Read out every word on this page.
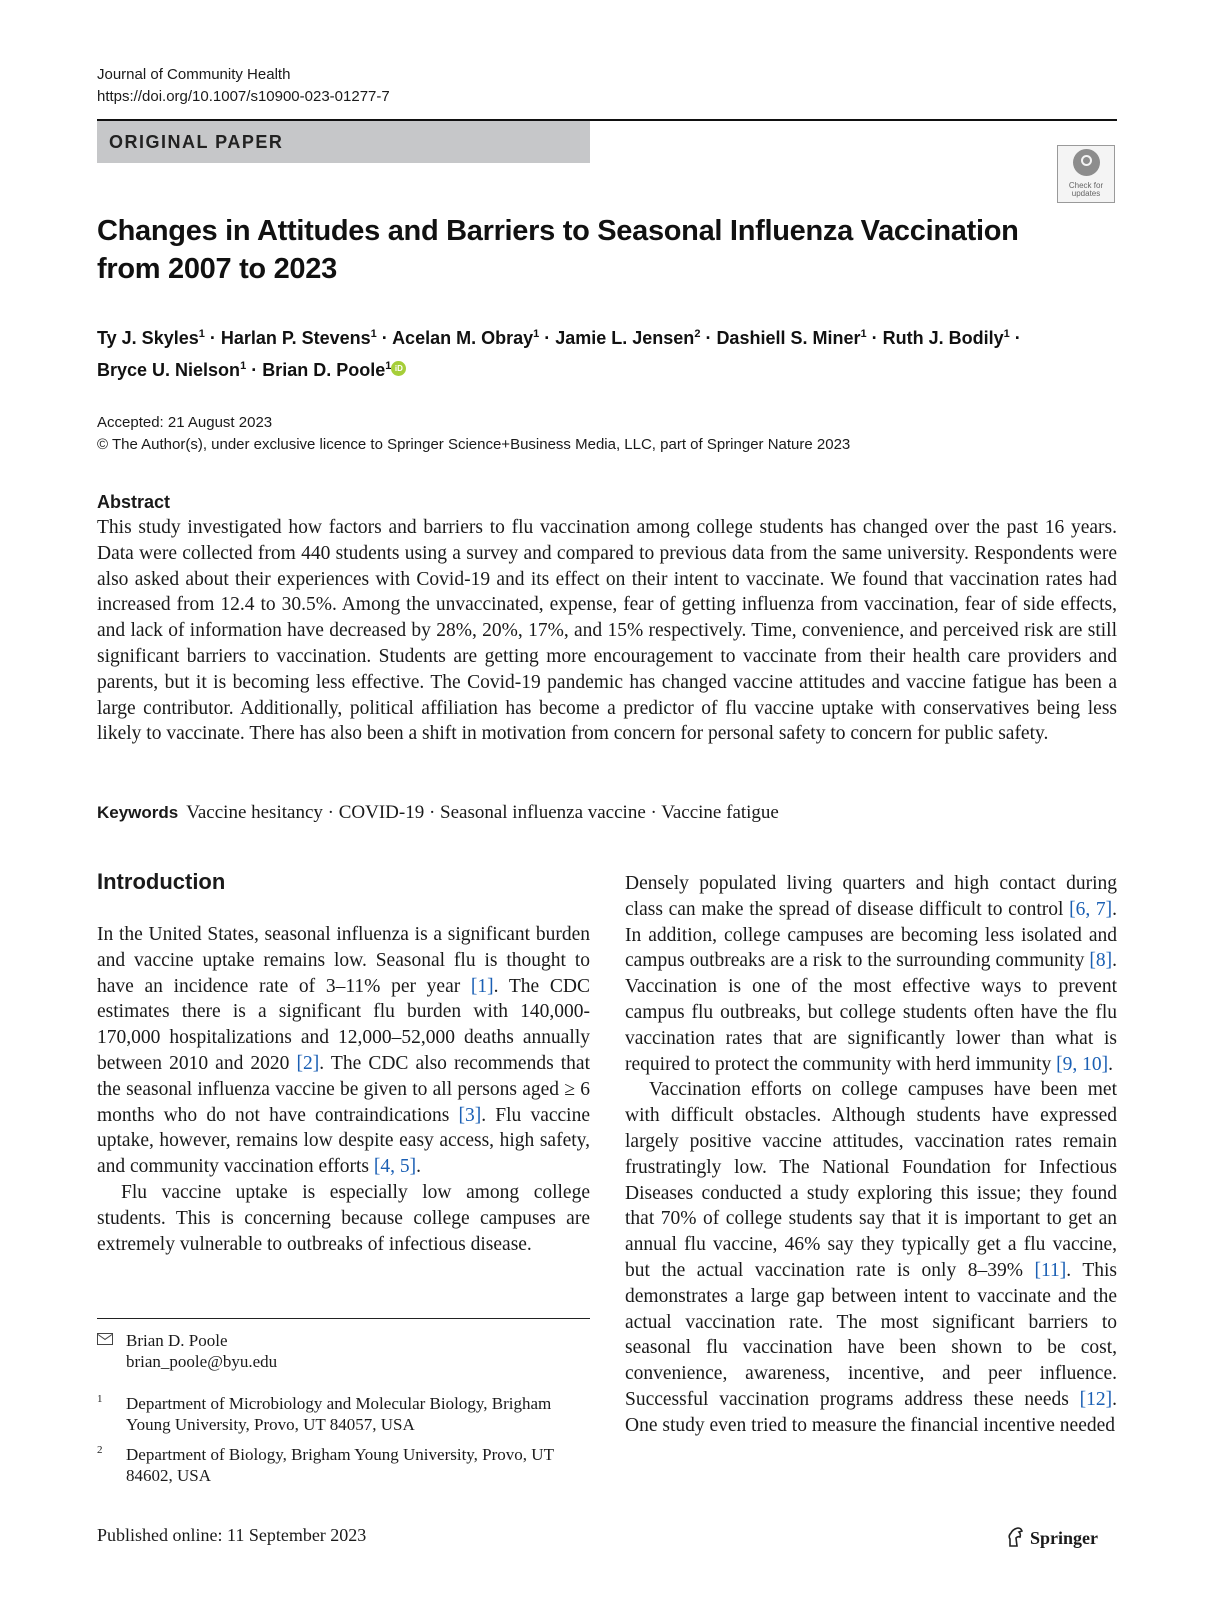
Journal of Community Health
https://doi.org/10.1007/s10900-023-01277-7
ORIGINAL PAPER
Check for
updates
Changes in Attitudes and Barriers to Seasonal Influenza Vaccination
from 2007 to 2023
Ty J. Skyles$^1$ · Harlan P. Stevens$^1$ · Acelan M. Obray$^1$ · Jamie L. Jensen$^2$ · Dashiell S. Miner$^1$ · Ruth J. Bodily$^1$ ·
Bryce U. Nielson$^1$ · Brian D. Poole$^1$ iD
Accepted: 21 August 2023
© The Author(s), under exclusive licence to Springer Science+Business Media, LLC, part of Springer Nature 2023
Abstract

This study investigated how factors and barriers to flu vaccination among college students has changed over the past 16 years. Data were collected from 440 students using a survey and compared to previous data from the same university. Respondents were also asked about their experiences with Covid-19 and its effect on their intent to vaccinate. We found that vaccination rates had increased from 12.4 to 30.5%. Among the unvaccinated, expense, fear of getting influenza from vaccination, fear of side effects, and lack of information have decreased by 28%, 20%, 17%, and 15% respectively. Time, convenience, and perceived risk are still significant barriers to vaccination. Students are getting more encouragement to vaccinate from their health care providers and parents, but it is becoming less effective. The Covid-19 pandemic has changed vaccine attitudes and vaccine fatigue has been a large contributor. Additionally, political affiliation has become a predictor of flu vaccine uptake with conservatives being less likely to vaccinate. There has also been a shift in motivation from concern for personal safety to concern for public safety.

Keywords Vaccine hesitancy · COVID-19 · Seasonal influenza vaccine · Vaccine fatigue
Introduction

In the United States, seasonal influenza is a significant burden and vaccine uptake remains low. Seasonal flu is thought to have an incidence rate of 3–11% per year [1]. The CDC estimates there is a significant flu burden with 140,000-170,000 hospitalizations and 12,000–52,000 deaths annually between 2010 and 2020 [2]. The CDC also recommends that the seasonal influenza vaccine be given to all persons aged ≥ 6 months who do not have contraindications [3]. Flu vaccine uptake, however, remains low despite easy access, high safety, and community vaccination efforts [4, 5].

Flu vaccine uptake is especially low among college students. This is concerning because college campuses are extremely vulnerable to outbreaks of infectious disease.

Densely populated living quarters and high contact during class can make the spread of disease difficult to control [6, 7]. In addition, college campuses are becoming less isolated and campus outbreaks are a risk to the surrounding community [8]. Vaccination is one of the most effective ways to prevent campus flu outbreaks, but college students often have the flu vaccination rates that are significantly lower than what is required to protect the community with herd immunity [9, 10].

Vaccination efforts on college campuses have been met with difficult obstacles. Although students have expressed largely positive vaccine attitudes, vaccination rates remain frustratingly low. The National Foundation for Infectious Diseases conducted a study exploring this issue; they found that 70% of college students say that it is important to get an annual flu vaccine, 46% say they typically get a flu vaccine, but the actual vaccination rate is only 8–39% [11]. This demonstrates a large gap between intent to vaccinate and the actual vaccination rate. The most significant barriers to seasonal flu vaccination have been shown to be cost, convenience, awareness, incentive, and peer influence. Successful vaccination programs address these needs [12]. One study even tried to measure the financial incentive needed

Brian D. Poole
brian_poole@byu.edu
1 Department of Microbiology and Molecular Biology, Brigham Young University, Provo, UT 84057, USA
2 Department of Biology, Brigham Young University, Provo, UT 84602, USA
Published online: 11 September 2023	Springer
